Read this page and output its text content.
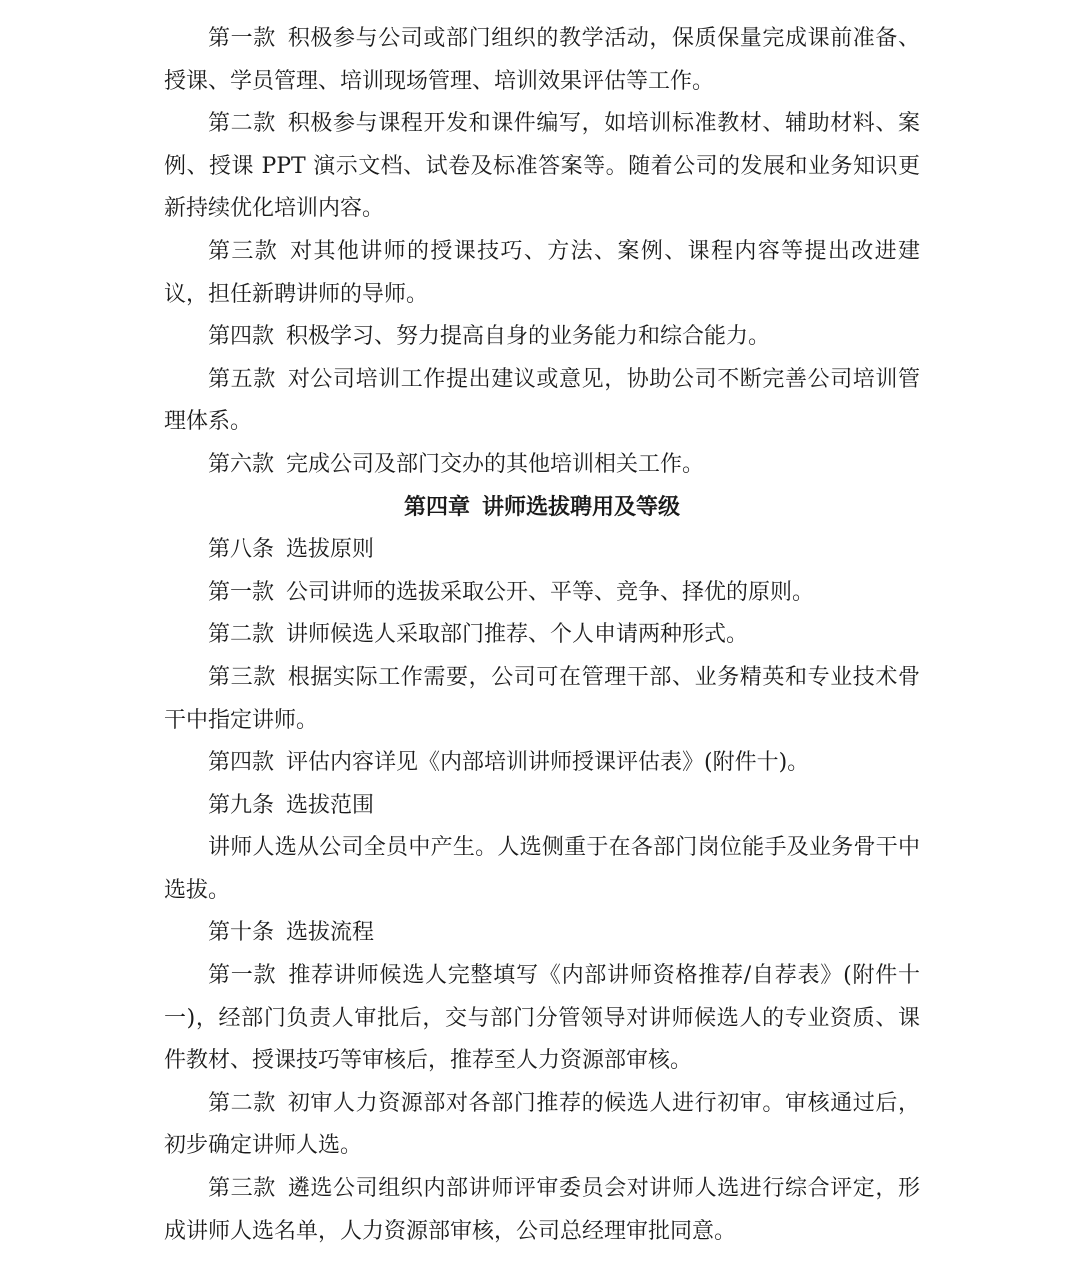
第一款 积极参与公司或部门组织的教学活动，保质保量完成课前准备、授课、学员管理、培训现场管理、培训效果评估等工作。

第二款 积极参与课程开发和课件编写，如培训标准教材、辅助材料、案例、授课 PPT 演示文档、试卷及标准答案等。随着公司的发展和业务知识更新持续优化培训内容。

第三款 对其他讲师的授课技巧、方法、案例、课程内容等提出改进建议，担任新聘讲师的导师。

第四款 积极学习、努力提高自身的业务能力和综合能力。

第五款 对公司培训工作提出建议或意见，协助公司不断完善公司培训管理体系。

第六款 完成公司及部门交办的其他培训相关工作。

第四章 讲师选拔聘用及等级

第八条 选拔原则

第一款 公司讲师的选拔采取公开、平等、竞争、择优的原则。

第二款 讲师候选人采取部门推荐、个人申请两种形式。

第三款 根据实际工作需要，公司可在管理干部、业务精英和专业技术骨干中指定讲师。

第四款 评估内容详见《内部培训讲师授课评估表》(附件十)。

第九条 选拔范围

讲师人选从公司全员中产生。人选侧重于在各部门岗位能手及业务骨干中选拔。

第十条 选拔流程

第一款 推荐讲师候选人完整填写《内部讲师资格推荐/自荐表》(附件十一)，经部门负责人审批后，交与部门分管领导对讲师候选人的专业资质、课件教材、授课技巧等审核后，推荐至人力资源部审核。

第二款 初审人力资源部对各部门推荐的候选人进行初审。审核通过后，初步确定讲师人选。

第三款 遴选公司组织内部讲师评审委员会对讲师人选进行综合评定，形成讲师人选名单，人力资源部审核，公司总经理审批同意。
